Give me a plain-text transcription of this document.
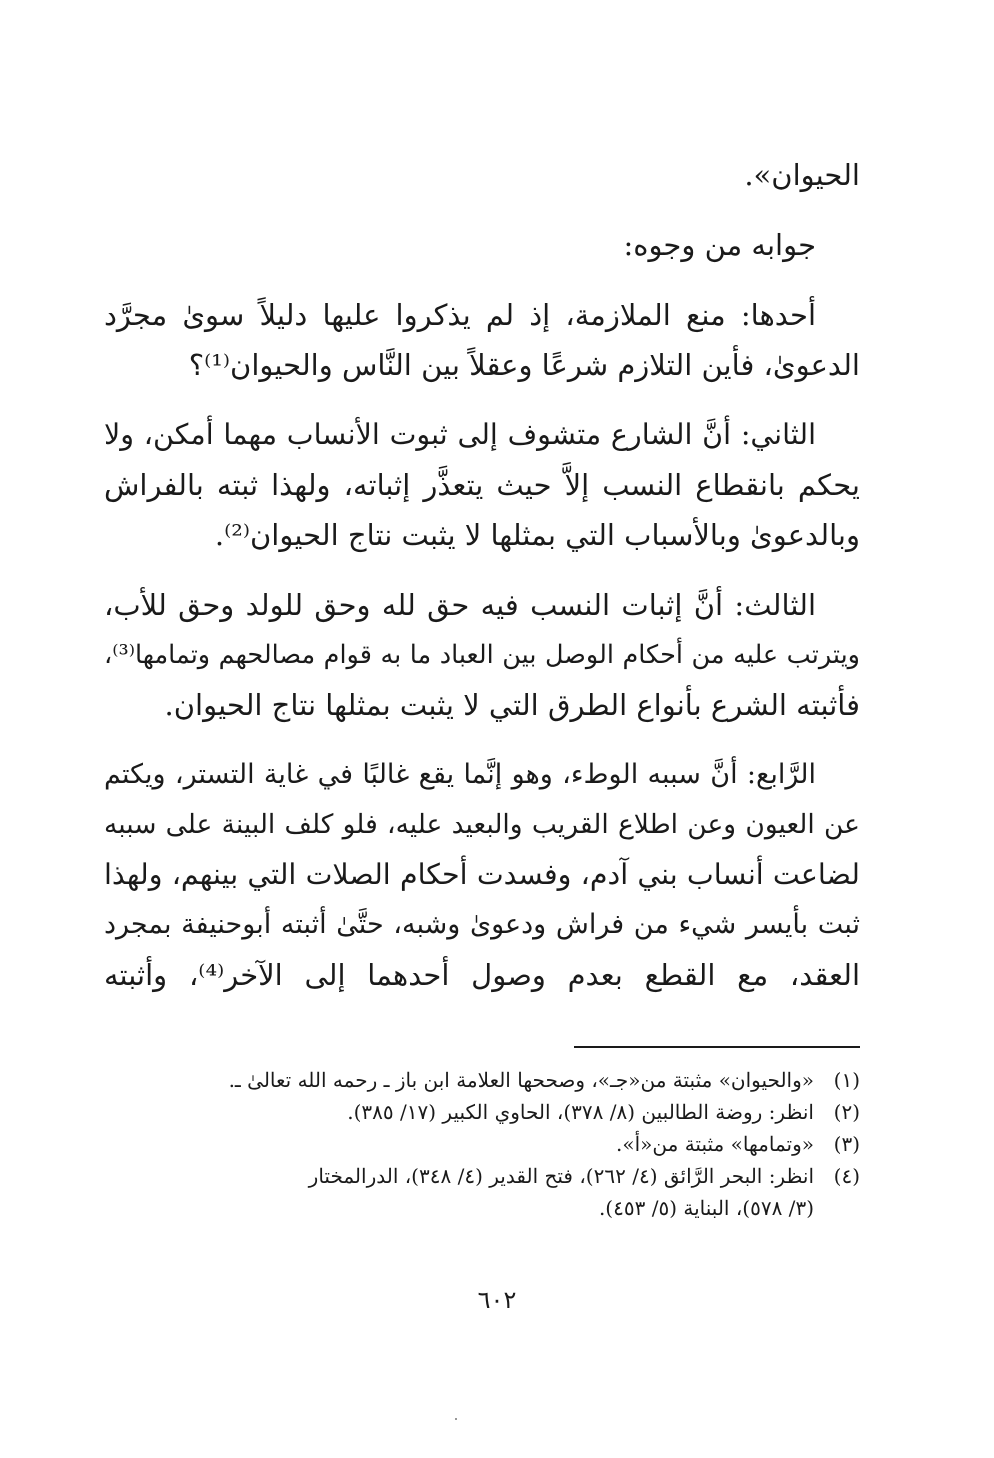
الحيوان».
جوابه من وجوه:
أحدها: منع الملازمة، إذ لم يذكروا عليها دليلاً سوىٰ مجرَّد
الدعوىٰ، فأين التلازم شرعًا وعقلاً بين النَّاس والحيوان⁽¹⁾؟
الثاني: أنَّ الشارع متشوف إلى ثبوت الأنساب مهما أمكن، ولا
يحكم بانقطاع النسب إلاَّ حيث يتعذَّر إثباته، ولهذا ثبته بالفراش
وبالدعوىٰ وبالأسباب التي بمثلها لا يثبت نتاج الحيوان⁽²⁾.
الثالث: أنَّ إثبات النسب فيه حق لله وحق للولد وحق للأب،
ويترتب عليه من أحكام الوصل بين العباد ما به قوام مصالحهم وتمامها⁽³⁾،
فأثبته الشرع بأنواع الطرق التي لا يثبت بمثلها نتاج الحيوان.
الرَّابع: أنَّ سببه الوطء، وهو إنَّما يقع غالبًا في غاية التستر، ويكتم
عن العيون وعن اطلاع القريب والبعيد عليه، فلو كلف البينة على سببه
لضاعت أنساب بني آدم، وفسدت أحكام الصلات التي بينهم، ولهذا
ثبت بأيسر شيء من فراش ودعوىٰ وشبه، حتَّىٰ أثبته أبوحنيفة بمجرد
العقد، مع القطع بعدم وصول أحدهما إلى الآخر⁽⁴⁾، وأثبته
(١)
«والحيوان» مثبتة من«جـ»، وصححها العلامة ابن باز ـ رحمه الله تعالىٰ ـ.
(٢)
انظر: روضة الطالبين (٨/ ٣٧٨)، الحاوي الكبير (١٧/ ٣٨٥).
(٣)
«وتمامها» مثبتة من«أ».
(٤)
انظر: البحر الرَّائق (٤/ ٢٦٢)، فتح القدير (٤/ ٣٤٨)، الدرالمختار
(٣/ ٥٧٨)، البناية (٥/ ٤٥٣).
٦٠٢
